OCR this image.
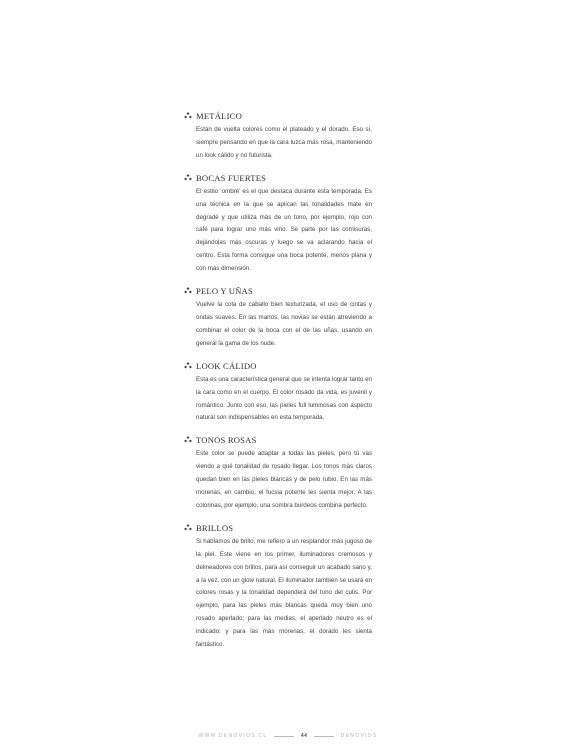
METÁLICO
Están de vuelta colores como el plateado y el dorado. Eso sí, siempre pensando en que la cara luzca más rosa, manteniendo un look cálido y no futurista.
BOCAS FUERTES
El estilo ‘ombré’ es el que destaca durante esta temporada. Es una técnica en la que se aplican las tonalidades mate en degradé y que utiliza más de un tono, por ejemplo, rojo con café para lograr uno más vino. Se parte por las comisuras, dejándolas más oscuras y luego se va aclarando hacia el centro. Esta forma consigue una boca potente, menos plana y con más dimensión.
PELO Y UÑAS
Vuelve la cola de caballo bien texturizada, el uso de cintas y ondas suaves. En las manos, las novias se están atreviendo a combinar el color de la boca con el de las uñas, usando en general la gama de los nude.
LOOK CÁLIDO
Esta es una característica general que se intenta lograr tanto en la cara como en el cuerpo. El color rosado da vida, es juvenil y romántico. Junto con eso, las pieles full luminosas con aspecto natural son indispensables en esta temporada.
TONOS ROSAS
Este color se puede adaptar a todas las pieles, pero tú vas viendo a qué tonalidad de rosado llegar. Los tonos más claros quedan bien en las pieles blancas y de pelo rubio. En las más morenas, en cambio, el fucsia potente les sienta mejor. A las colorinas, por ejemplo, una sombra burdeos combina perfecto.
BRILLOS
Si hablamos de brillo, me refiero a un resplandor más jugoso de la piel. Este viene en los primer, iluminadores cremosos y delineadores con brillos, para así conseguir un acabado sano y, a la vez, con un glow natural. El iluminador también se usará en colores rosas y la tonalidad dependerá del tono del cutis. Por ejemplo, para las pieles más blancas queda muy bien uno rosado aperlado; para las medias, el aperlado neutro es el indicado; y para las más morenas, el dorado les sienta fantástico.
WWW.DENOVIOS.CL	44	DENOVIOS
